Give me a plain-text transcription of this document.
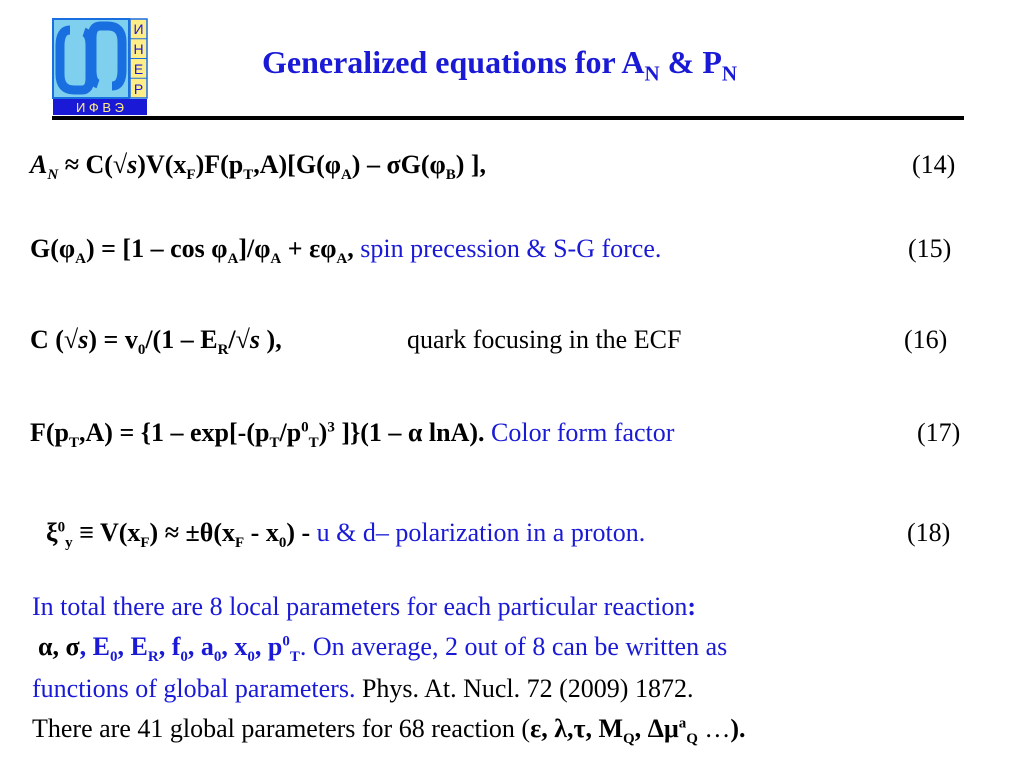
И
Н
Е
Р
И Ф В Э
Generalized equations for $A_N$ & $P_N$
$A_N \approx C(√s)V(x_F)F(p_T,A)[G(\varphi_A) - \sigma G(\varphi_B)$ ],	(14)
$G(\varphi_A) = [1 - \cos \varphi_A]/\varphi_A + \varepsilon\varphi_A$, spin precession & S-G force.	(15)
C $(√s) = v_0/(1 - E_R/√s$ ),	quark focusing in the ECF	(16)
$F(p_T,A) = \{1 - \exp[-(p_T/p^0_T)^3$ ]}(1 – α lnA). Color form factor	(17)
$\xi^0_y \equiv V(x_F) \approx \pm\theta(x_F - x_0) - u$ & d– polarization in a proton.	(18)
In total there are 8 local parameters for each particular reaction:
α, σ, $E_0$, $E_R$, $f_0$, $a_0$, $x_0$, $p^0_T$. On average, 2 out of 8 can be written as
functions of global parameters. Phys. At. Nucl. 72 (2009) 1872.
There are 41 global parameters for 68 reaction (ε, λ,τ, $M_Q$, $\Delta\mu^a_Q$ …).
